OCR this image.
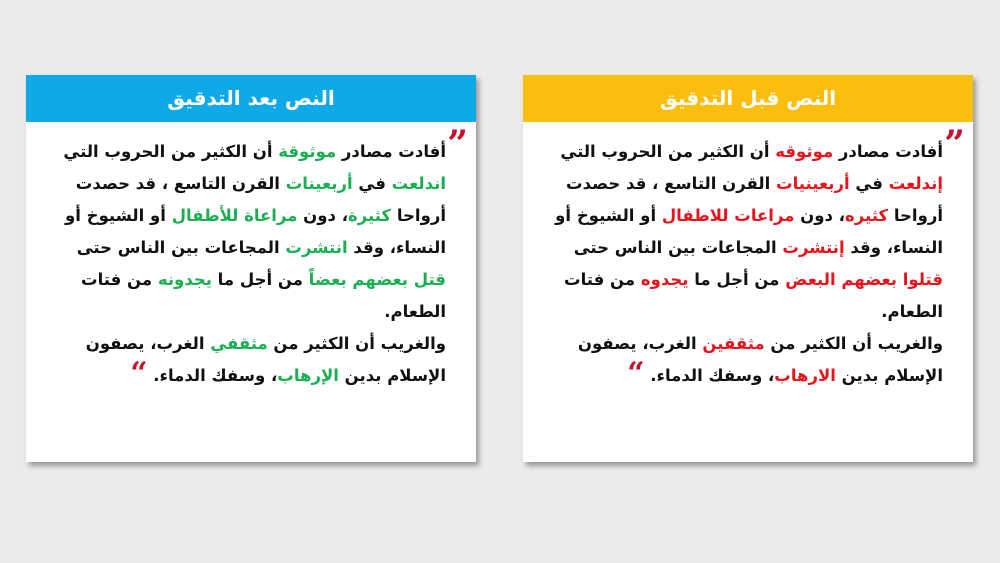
النص قبل التدقيق
”

أفادت مصادر موثوقه أن الكثير من الحروب التي إندلعت في أربعينيات القرن التاسع ، قد حصدت أرواحا كثيره، دون مراعات للاطفال أو الشيوخ أو النساء، وقد إنتشرت المجاعات بين الناس حتى قتلوا بعضهم البعض من أجل ما يجدوه من فتات الطعام.

والغريب أن الكثير من مثقفين الغرب، يصفون الإسلام بدين الارهاب، وسفك الدماء. “

النص بعد التدقيق
”

أفادت مصادر موثوقة أن الكثير من الحروب التي اندلعت في أربعينات القرن التاسع ، قد حصدت أرواحا كثيرة، دون مراعاة للأطفال أو الشيوخ أو النساء، وقد انتشرت المجاعات بين الناس حتى قتل بعضهم بعضاً من أجل ما يجدونه من فتات الطعام.

والغريب أن الكثير من مثقفي الغرب، يصفون الإسلام بدين الإرهاب، وسفك الدماء. “
